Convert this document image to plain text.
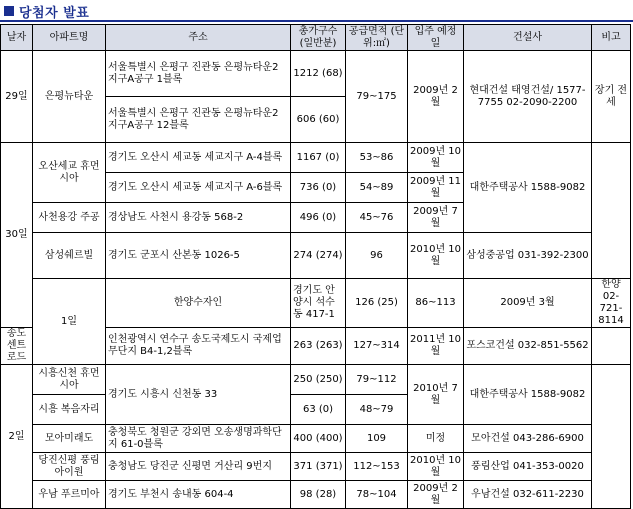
당첨자 발표
날자	아파트명	주소	총가구수 (일반분)	공급면적 (단위:㎡)	입주 예정일	건설사	비고	
29일	은평뉴타운	서울특별시 은평구 진관동 은평뉴타운2지구A공구 1블록	1212 (68)	79~175	2009년 2월	현대건설 태영건설/ 1577-7755 02-2090-2200	장기 전세	
		서울특별시 은평구 진관동 은평뉴타운2지구A공구 12블록	606 (60)					
30일	오산세교 휴먼시아	경기도 오산시 세교동 세교지구 A-4블록	1167 (0)	53~86	2009년 10월	대한주택공사 1588-9082		
		경기도 오산시 세교동 세교지구 A-6블록	736 (0)	54~89	2009년 11월			
	사천용강 주공	경상남도 사천시 용강동 568-2	496 (0)	45~76	2009년 7월			
	삼성쉐르빌	경기도 군포시 산본동 1026-5	274 (274)	96	2010년 10월	삼성중공업 031-392-2300		
	1일	한양수자인	경기도 안양시 석수동 417-1	126 (25)	86~113	2009년 3월	한양 02-721-8114	
송도 센트로드		인천광역시 연수구 송도국제도시 국제업무단지 B4-1,2블록	263 (263)	127~314	2011년 10월	포스코건설 032-851-5562		
2일	시흥신천 휴먼시아	경기도 시흥시 신천동 33	250 (250)	79~112	2010년 7월	대한주택공사 1588-9082		
	시흥 복음자리		63 (0)	48~79				
	모아미래도	충청북도 청원군 강외면 오송생명과학단지 61-0블록	400 (400)	109	미정	모아건설 043-286-6900		
	당진신평 풍림아이원	충청남도 당진군 신평면 거산리 9번지	371 (371)	112~153	2010년 10월	풍림산업 041-353-0020		
	우남 푸르미아	경기도 부천시 송내동 604-4	98 (28)	78~104	2009년 2월	우남건설 032-611-2230		
